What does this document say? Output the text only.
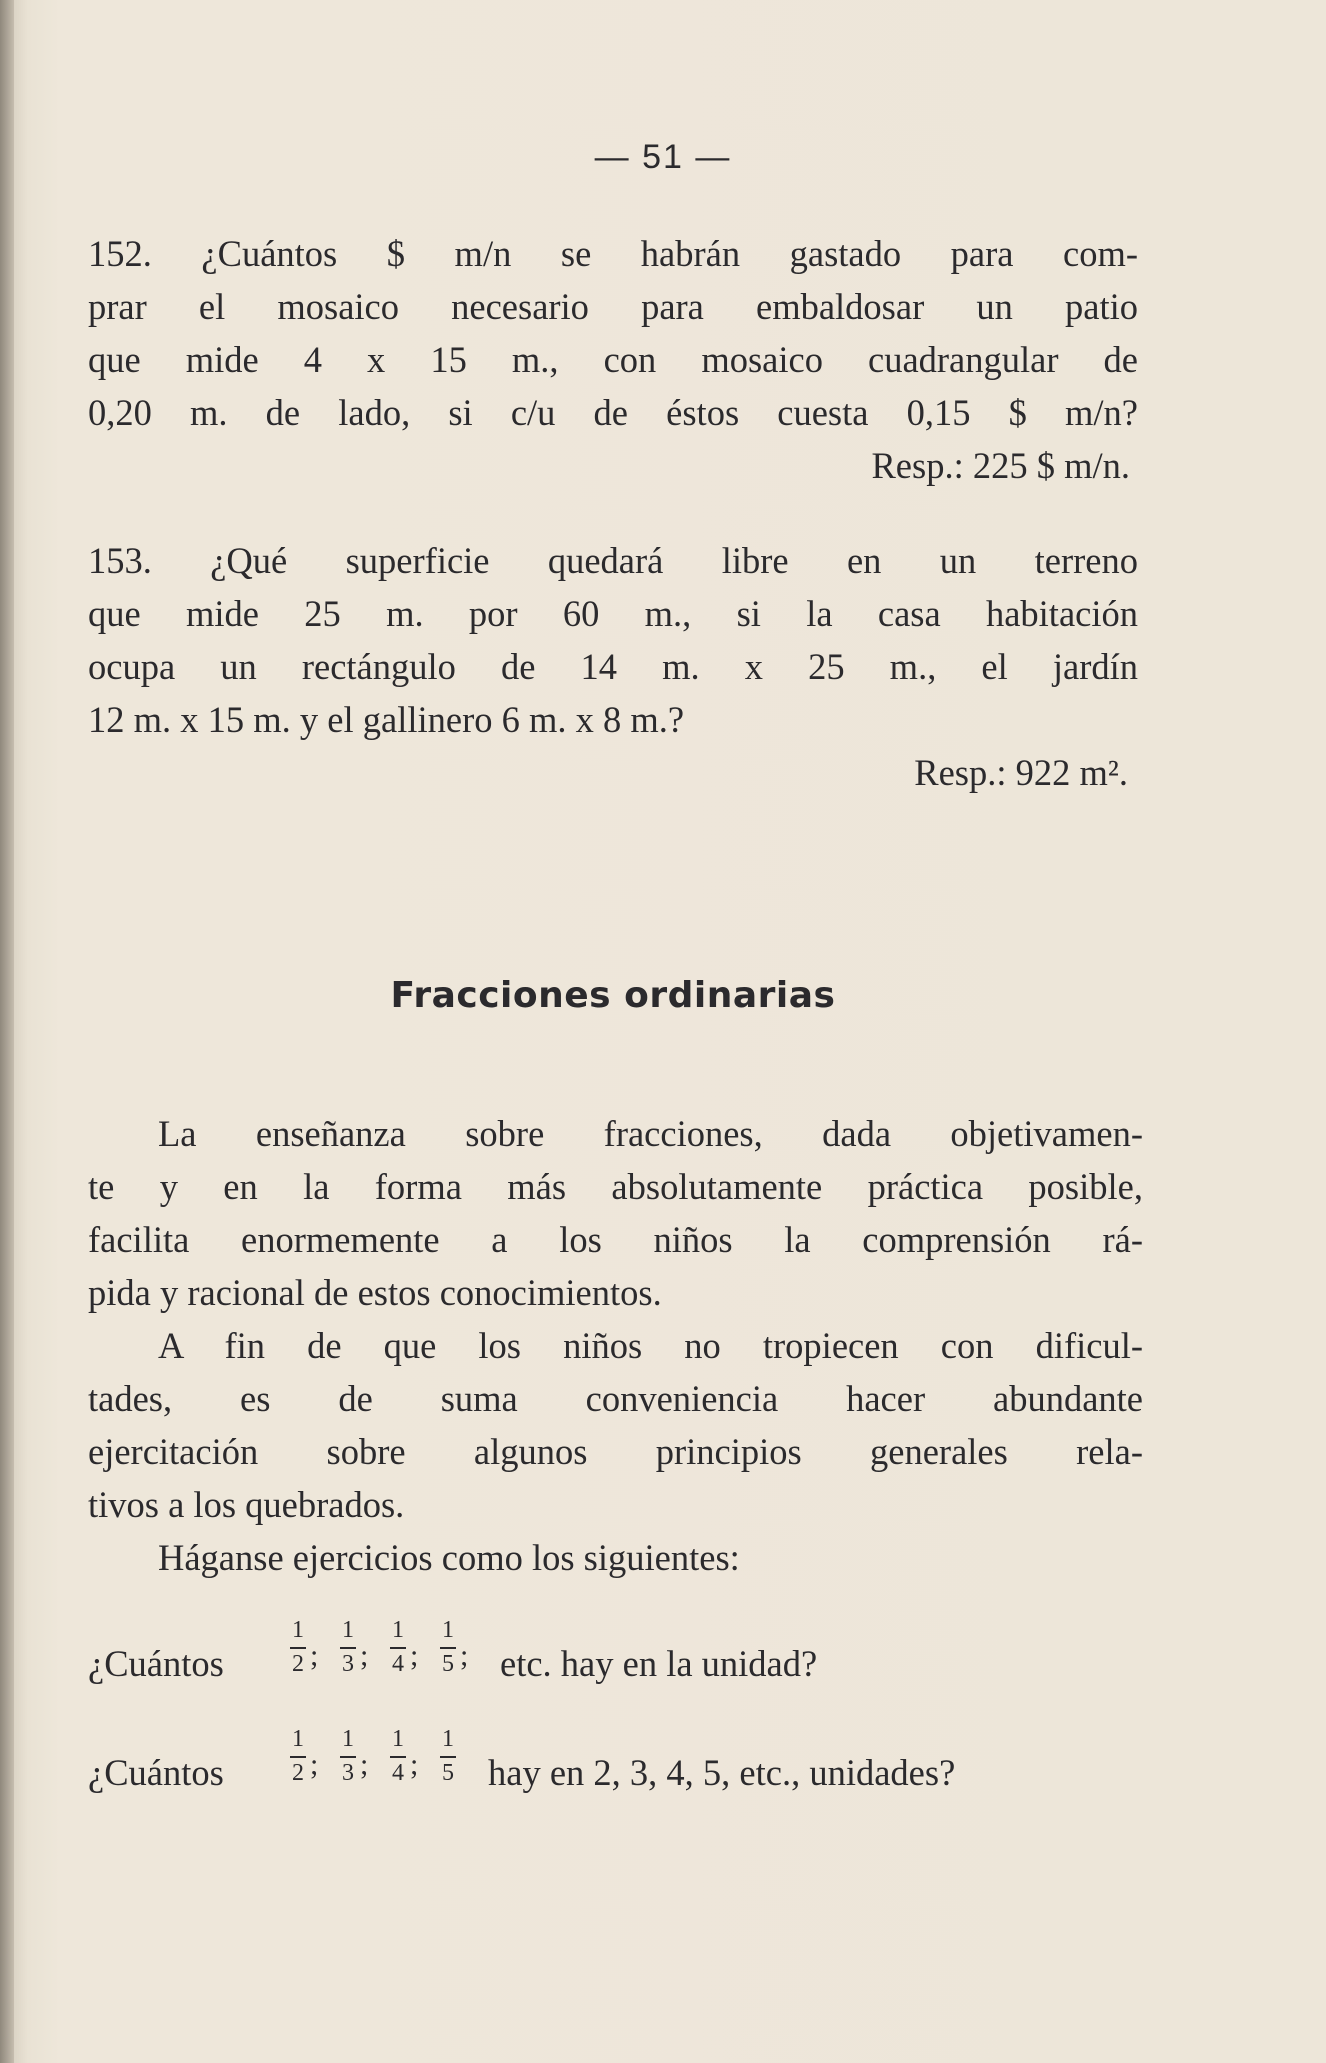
— 51 —
152. ¿Cuántos $ m/n se habrán gastado para com-
prar el mosaico necesario para embaldosar un patio
que mide 4 x 15 m., con mosaico cuadrangular de
0,20 m. de lado, si c/u de éstos cuesta 0,15 $ m/n?
Resp.: 225 $ m/n.
153. ¿Qué superficie quedará libre en un terreno
que mide 25 m. por 60 m., si la casa habitación
ocupa un rectángulo de 14 m. x 25 m., el jardín
12 m. x 15 m. y el gallinero 6 m. x 8 m.?
Resp.: 922 m².
Fracciones ordinarias
La enseñanza sobre fracciones, dada objetivamen-
te y en la forma más absolutamente práctica posible,
facilita enormemente a los niños la comprensión rá-
pida y racional de estos conocimientos.
A fin de que los niños no tropiecen con dificul-
tades, es de suma conveniencia hacer abundante
ejercitación sobre algunos principios generales rela-
tivos a los quebrados.
Háganse ejercicios como los siguientes:
¿Cuántos
1
2 ;
1
3 ;
1
4 ;
1
5 ; etc. hay en la unidad?
¿Cuántos
1
2 ;
1
3 ;
1
4 ;
1
5 hay en 2, 3, 4, 5, etc., unidades?
